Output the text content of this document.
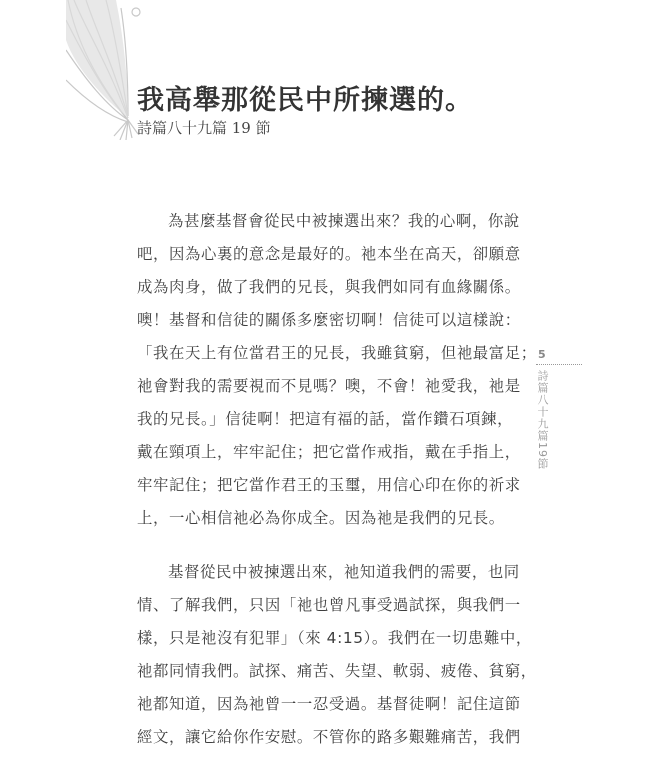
我高舉那從民中所揀選的。
詩篇八十九篇 19 節
為甚麼基督會從民中被揀選出來？我的心啊，你說
吧，因為心裏的意念是最好的。祂本坐在高天，卻願意
成為肉身，做了我們的兄長，與我們如同有血緣關係。
噢！基督和信徒的關係多麼密切啊！信徒可以這樣說：
「我在天上有位當君王的兄長，我雖貧窮，但祂最富足；
祂會對我的需要視而不見嗎？噢，不會！祂愛我，祂是
我的兄長。」信徒啊！把這有福的話，當作鑽石項鍊，
戴在頸項上，牢牢記住；把它當作戒指，戴在手指上，
牢牢記住；把它當作君王的玉璽，用信心印在你的祈求
上，一心相信祂必為你成全。因為祂是我們的兄長。
基督從民中被揀選出來，祂知道我們的需要，也同
情、了解我們，只因「祂也曾凡事受過試探，與我們一
樣，只是祂沒有犯罪」（來 4:15）。我們在一切患難中，
祂都同情我們。試探、痛苦、失望、軟弱、疲倦、貧窮，
祂都知道，因為祂曾一一忍受過。基督徒啊！記住這節
經文，讓它給你作安慰。不管你的路多艱難痛苦，我們
5
詩篇八十九篇19節
